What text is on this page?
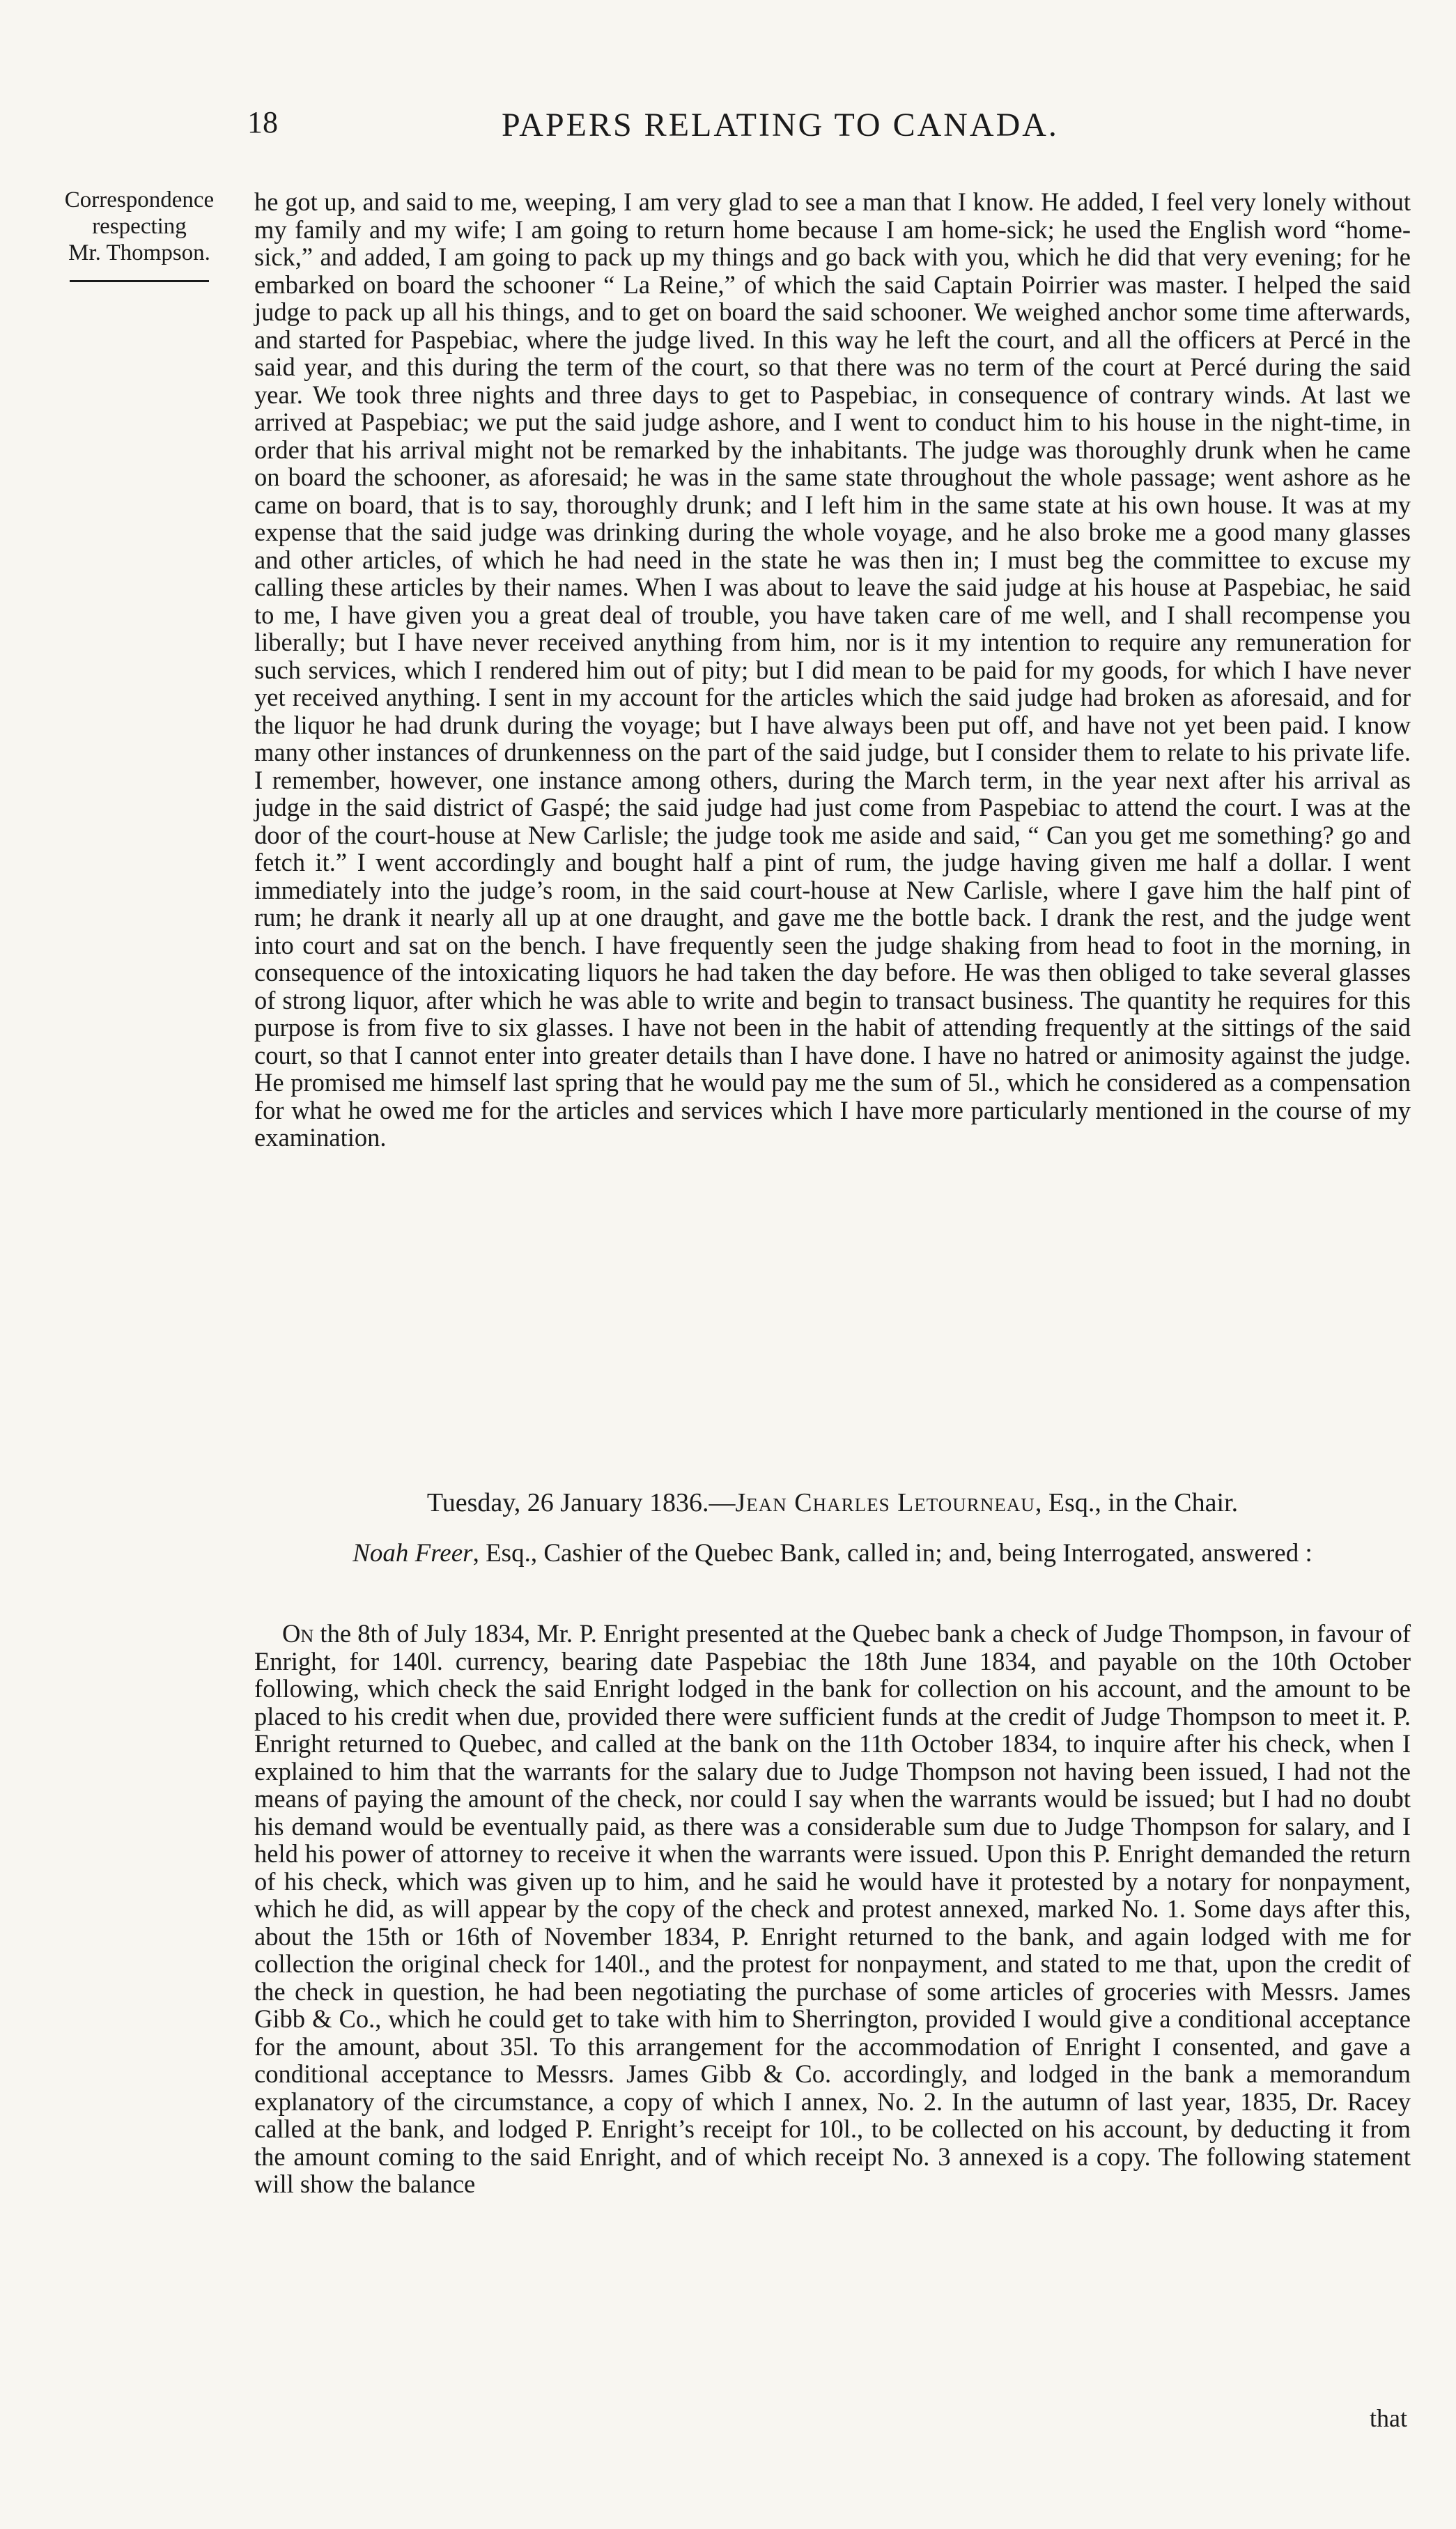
18	PAPERS RELATING TO CANADA.
Correspondence
respecting
Mr. Thompson.

he got up, and said to me, weeping, I am very glad to see a man that I know. He added, I feel very lonely without my family and my wife; I am going to return home because I am home-sick; he used the English word “home-sick,” and added, I am going to pack up my things and go back with you, which he did that very evening; for he embarked on board the schooner “ La Reine,” of which the said Captain Poirrier was master. I helped the said judge to pack up all his things, and to get on board the said schooner. We weighed anchor some time afterwards, and started for Paspebiac, where the judge lived. In this way he left the court, and all the officers at Percé in the said year, and this during the term of the court, so that there was no term of the court at Percé during the said year. We took three nights and three days to get to Paspebiac, in consequence of contrary winds. At last we arrived at Paspebiac; we put the said judge ashore, and I went to conduct him to his house in the night-time, in order that his arrival might not be remarked by the inhabitants. The judge was thoroughly drunk when he came on board the schooner, as aforesaid; he was in the same state throughout the whole passage; went ashore as he came on board, that is to say, thoroughly drunk; and I left him in the same state at his own house. It was at my expense that the said judge was drinking during the whole voyage, and he also broke me a good many glasses and other articles, of which he had need in the state he was then in; I must beg the committee to excuse my calling these articles by their names. When I was about to leave the said judge at his house at Paspebiac, he said to me, I have given you a great deal of trouble, you have taken care of me well, and I shall recompense you liberally; but I have never received anything from him, nor is it my intention to require any remuneration for such services, which I rendered him out of pity; but I did mean to be paid for my goods, for which I have never yet received anything. I sent in my account for the articles which the said judge had broken as aforesaid, and for the liquor he had drunk during the voyage; but I have always been put off, and have not yet been paid. I know many other instances of drunkenness on the part of the said judge, but I consider them to relate to his private life. I remember, however, one instance among others, during the March term, in the year next after his arrival as judge in the said district of Gaspé; the said judge had just come from Paspebiac to attend the court. I was at the door of the court-house at New Carlisle; the judge took me aside and said, “ Can you get me something? go and fetch it.” I went accordingly and bought half a pint of rum, the judge having given me half a dollar. I went immediately into the judge’s room, in the said court-house at New Carlisle, where I gave him the half pint of rum; he drank it nearly all up at one draught, and gave me the bottle back. I drank the rest, and the judge went into court and sat on the bench. I have frequently seen the judge shaking from head to foot in the morning, in consequence of the intoxicating liquors he had taken the day before. He was then obliged to take several glasses of strong liquor, after which he was able to write and begin to transact business. The quantity he requires for this purpose is from five to six glasses. I have not been in the habit of attending frequently at the sittings of the said court, so that I cannot enter into greater details than I have done. I have no hatred or animosity against the judge. He promised me himself last spring that he would pay me the sum of 5l., which he considered as a compensation for what he owed me for the articles and services which I have more particularly mentioned in the course of my examination.

Tuesday, 26 January 1836.—Jean Charles Letourneau, Esq., in the Chair.
Noah Freer, Esq., Cashier of the Quebec Bank, called in; and, being Interrogated, answered :

On the 8th of July 1834, Mr. P. Enright presented at the Quebec bank a check of Judge Thompson, in favour of Enright, for 140l. currency, bearing date Paspebiac the 18th June 1834, and payable on the 10th October following, which check the said Enright lodged in the bank for collection on his account, and the amount to be placed to his credit when due, provided there were sufficient funds at the credit of Judge Thompson to meet it. P. Enright returned to Quebec, and called at the bank on the 11th October 1834, to inquire after his check, when I explained to him that the warrants for the salary due to Judge Thompson not having been issued, I had not the means of paying the amount of the check, nor could I say when the warrants would be issued; but I had no doubt his demand would be eventually paid, as there was a considerable sum due to Judge Thompson for salary, and I held his power of attorney to receive it when the warrants were issued. Upon this P. Enright demanded the return of his check, which was given up to him, and he said he would have it protested by a notary for nonpayment, which he did, as will appear by the copy of the check and protest annexed, marked No. 1. Some days after this, about the 15th or 16th of November 1834, P. Enright returned to the bank, and again lodged with me for collection the original check for 140l., and the protest for nonpayment, and stated to me that, upon the credit of the check in question, he had been negotiating the purchase of some articles of groceries with Messrs. James Gibb & Co., which he could get to take with him to Sherrington, provided I would give a conditional acceptance for the amount, about 35l. To this arrangement for the accommodation of Enright I consented, and gave a conditional acceptance to Messrs. James Gibb & Co. accordingly, and lodged in the bank a memorandum explanatory of the circumstance, a copy of which I annex, No. 2. In the autumn of last year, 1835, Dr. Racey called at the bank, and lodged P. Enright’s receipt for 10l., to be collected on his account, by deducting it from the amount coming to the said Enright, and of which receipt No. 3 annexed is a copy. The following statement will show the balance

that
